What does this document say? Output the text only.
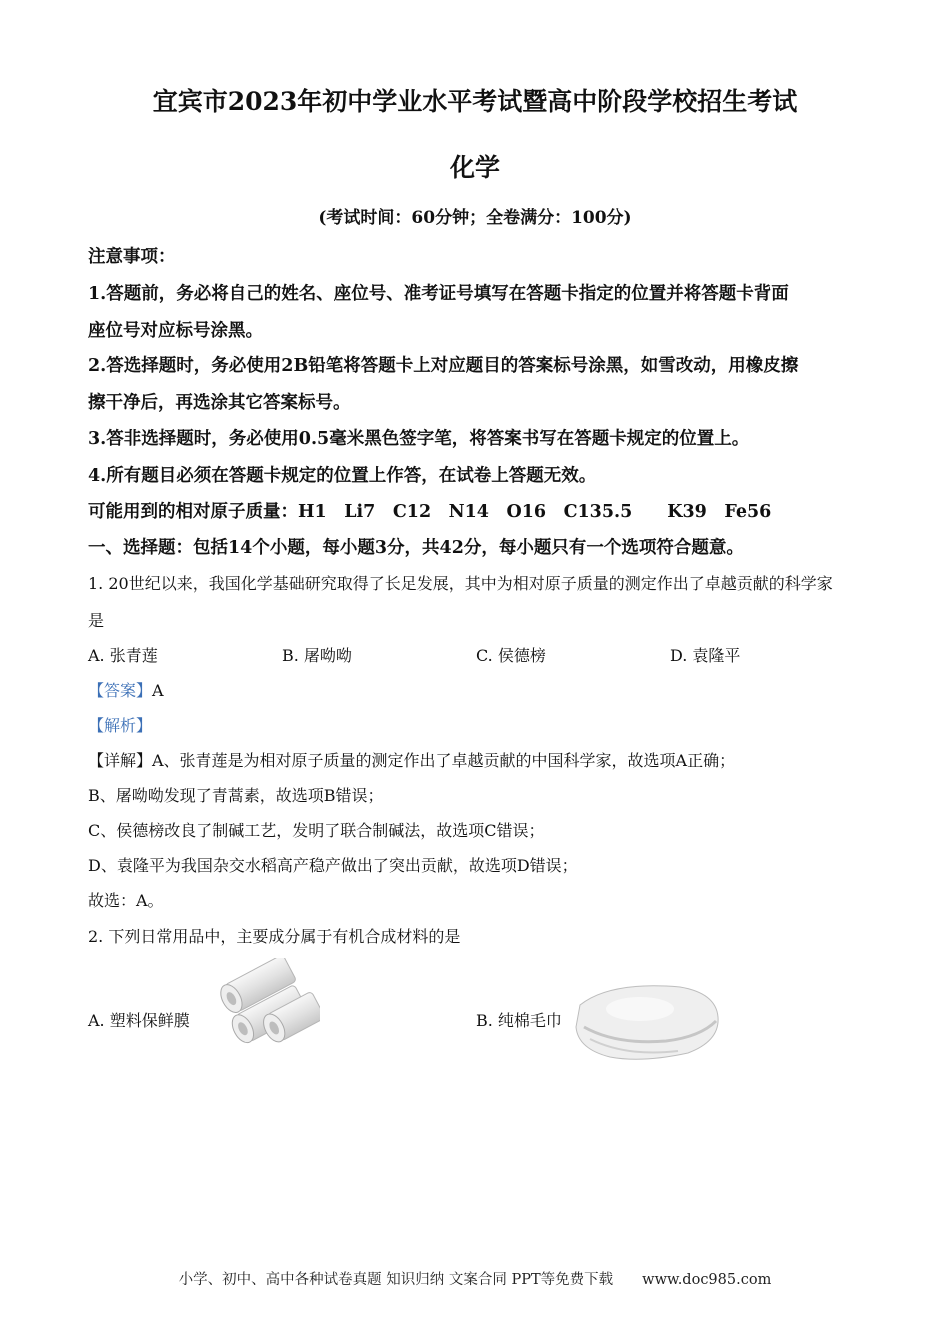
宜宾市2023年初中学业水平考试暨高中阶段学校招生考试
化学
(考试时间：60分钟；全卷满分：100分)
注意事项：
1.答题前，务必将自己的姓名、座位号、准考证号填写在答题卡指定的位置并将答题卡背面
座位号对应标号涂黑。
2.答选择题时，务必使用2B铅笔将答题卡上对应题目的答案标号涂黑，如雪改动，用橡皮擦
擦干净后，再选涂其它答案标号。
3.答非选择题时，务必使用0.5毫米黑色签字笔，将答案书写在答题卡规定的位置上。
4.所有题目必须在答题卡规定的位置上作答，在试卷上答题无效。
可能用到的相对原子质量：H1　Li7　C12　N14　O16　C135.5　　K39　Fe56
一、选择题：包括14个小题，每小题3分，共42分，每小题只有一个选项符合题意。
1. 20世纪以来，我国化学基础研究取得了长足发展，其中为相对原子质量的测定作出了卓越贡献的科学家
是
A. 张青莲	B. 屠呦呦	C. 侯德榜	D. 袁隆平
【答案】A
【解析】
【详解】A、张青莲是为相对原子质量的测定作出了卓越贡献的中国科学家，故选项A正确；
B、屠呦呦发现了青蒿素，故选项B错误；
C、侯德榜改良了制碱工艺，发明了联合制碱法，故选项C错误；
D、袁隆平为我国杂交水稻高产稳产做出了突出贡献，故选项D错误；
故选：A。
2. 下列日常用品中，主要成分属于有机合成材料的是
A. 塑料保鲜膜	B. 纯棉毛巾
小学、初中、高中各种试卷真题 知识归纳 文案合同 PPT等免费下载　　www.doc985.com
